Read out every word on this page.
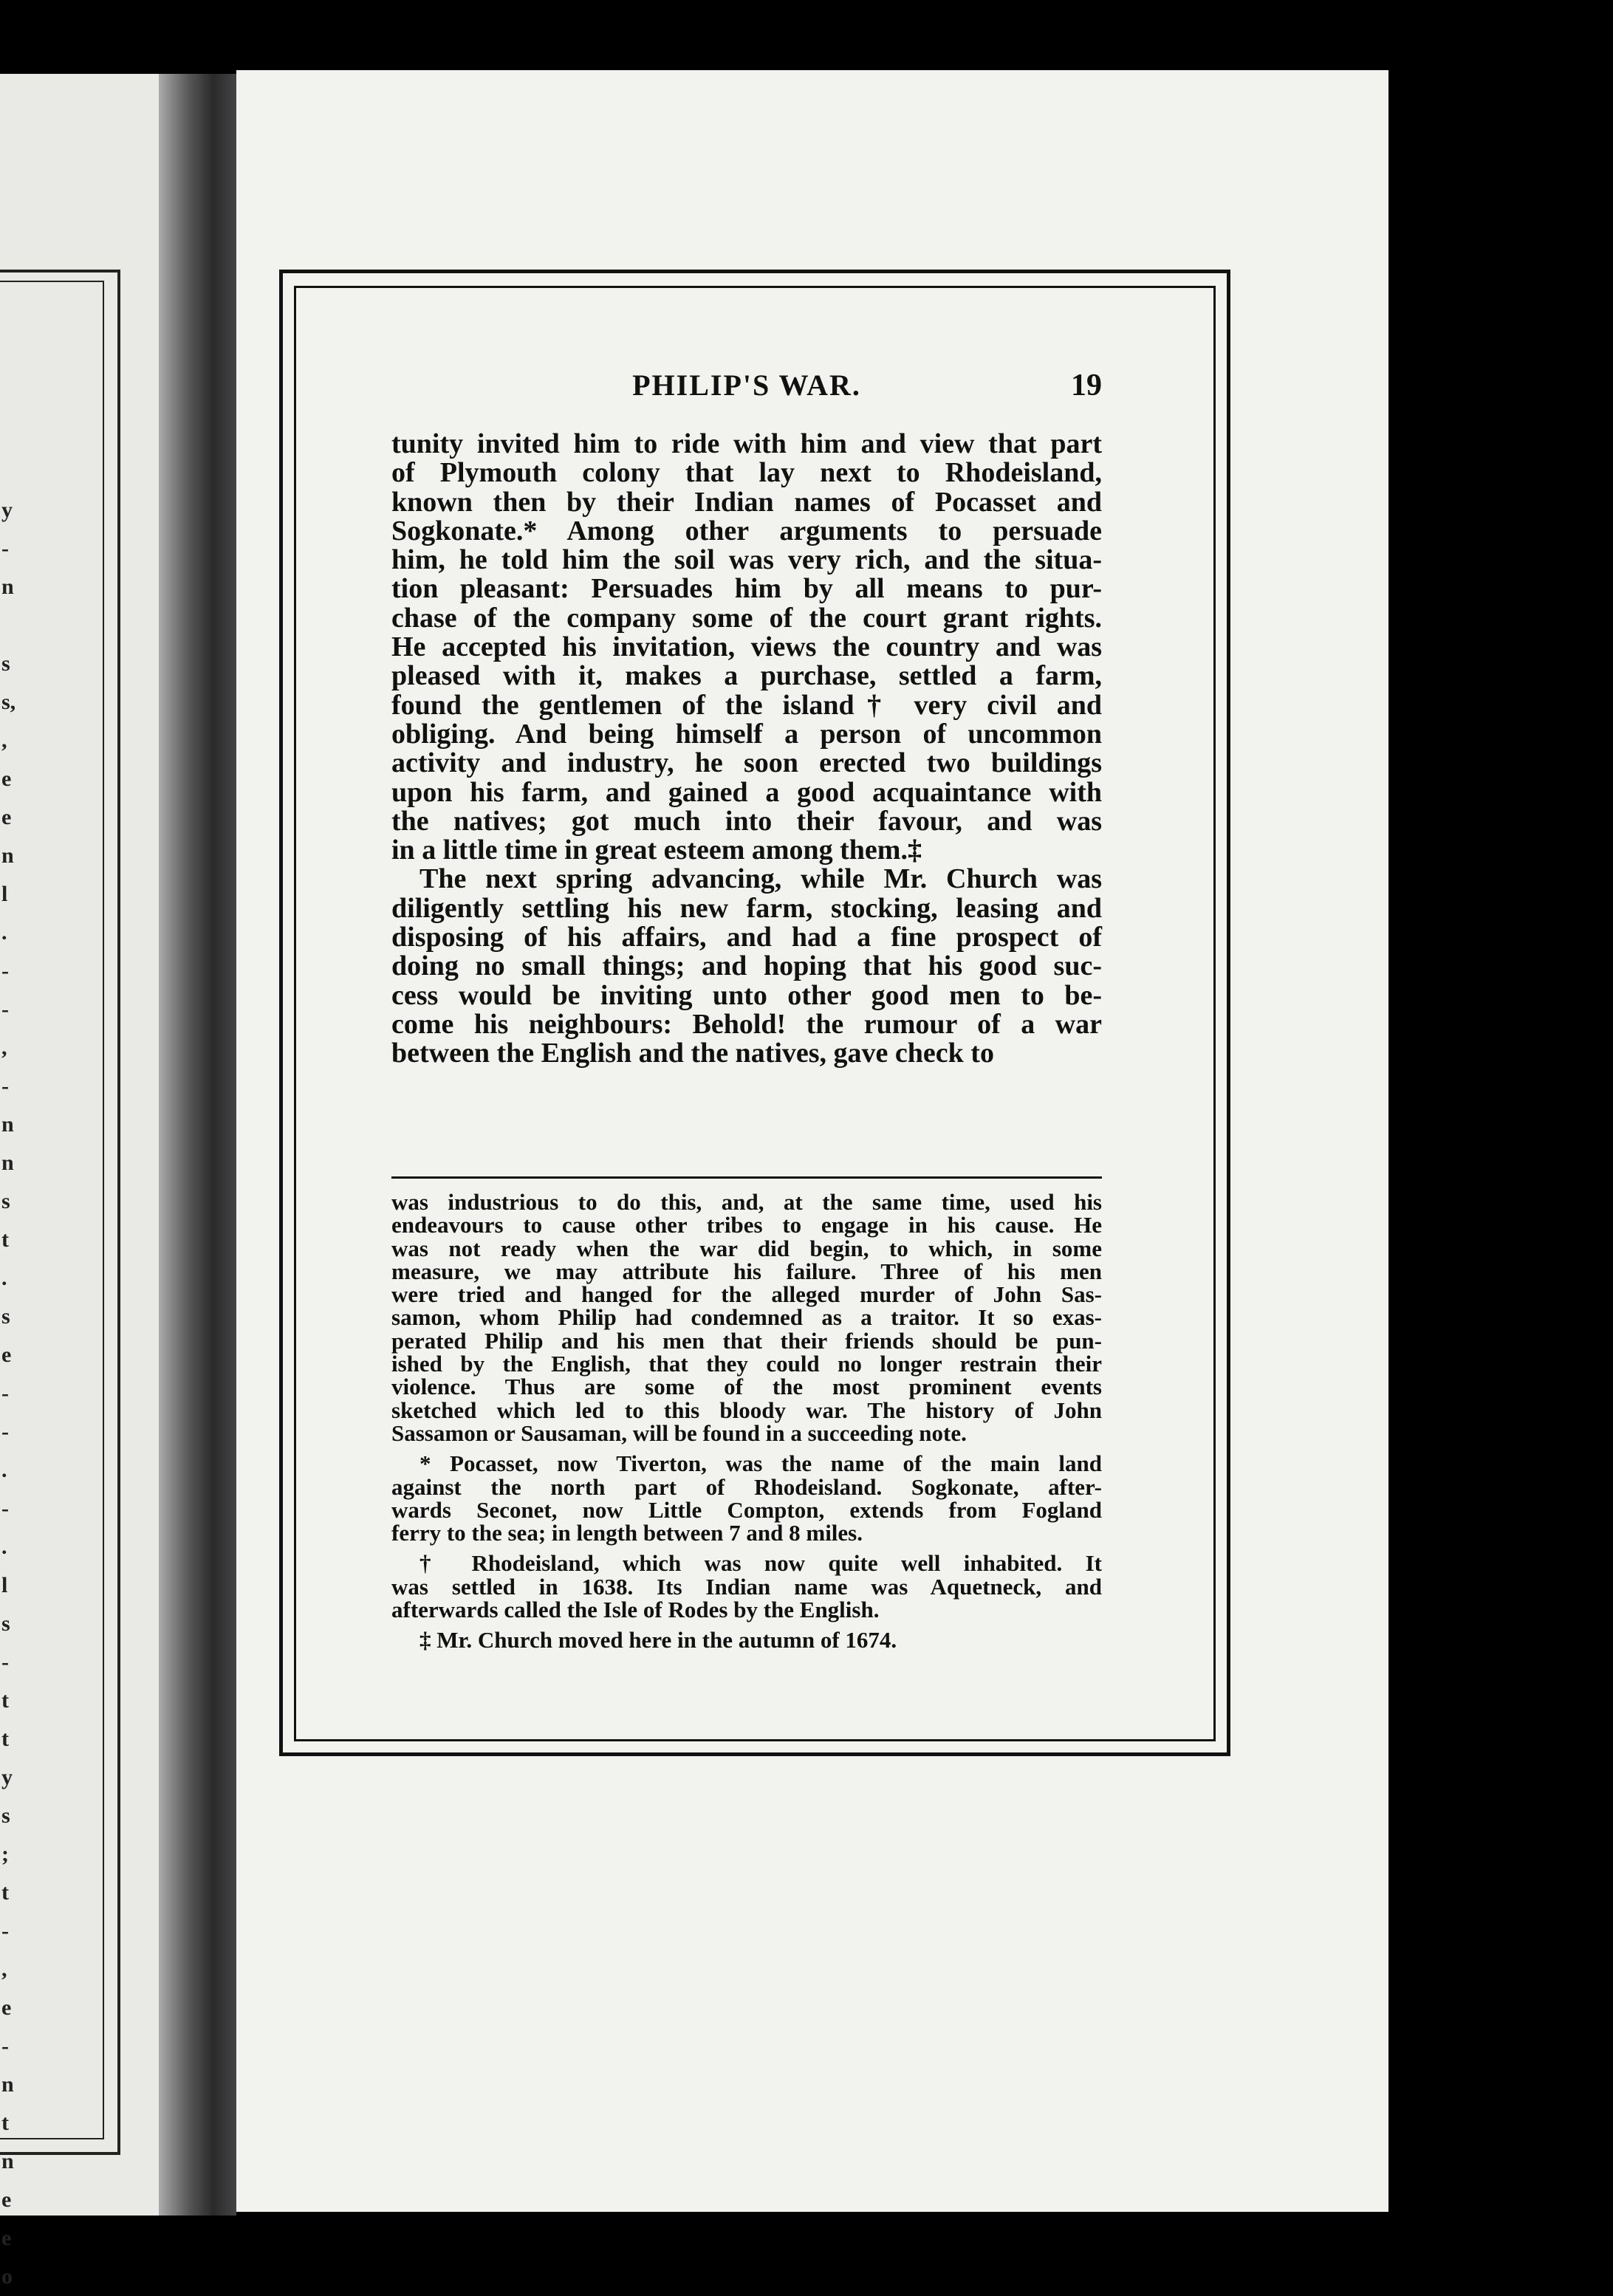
y
-
n
s
s,
,
e
e
n
l
.
-
-
,
-
n
n
s
t
.
s
e
-
-
.
-
.
l
s
-
t
t
y
s
;
t
-
,
e
-
n
t
n
e
e
o
PHILIP'S WAR.	19
tunity invited him to ride with him and view that part
of Plymouth colony that lay next to Rhodeisland,
known then by their Indian names of Pocasset and
Sogkonate.* Among other arguments to persuade
him, he told him the soil was very rich, and the situa-
tion pleasant: Persuades him by all means to pur-
chase of the company some of the court grant rights.
He accepted his invitation, views the country and was
pleased with it, makes a purchase, settled a farm,
found the gentlemen of the island† very civil and
obliging. And being himself a person of uncommon
activity and industry, he soon erected two buildings
upon his farm, and gained a good acquaintance with
the natives; got much into their favour, and was
in a little time in great esteem among them.‡
The next spring advancing, while Mr. Church was
diligently settling his new farm, stocking, leasing and
disposing of his affairs, and had a fine prospect of
doing no small things; and hoping that his good suc-
cess would be inviting unto other good men to be-
come his neighbours: Behold! the rumour of a war
between the English and the natives, gave check to
was industrious to do this, and, at the same time, used his
endeavours to cause other tribes to engage in his cause. He
was not ready when the war did begin, to which, in some
measure, we may attribute his failure. Three of his men
were tried and hanged for the alleged murder of John Sas-
samon, whom Philip had condemned as a traitor. It so exas-
perated Philip and his men that their friends should be pun-
ished by the English, that they could no longer restrain their
violence. Thus are some of the most prominent events
sketched which led to this bloody war. The history of John
Sassamon or Sausaman, will be found in a succeeding note.
* Pocasset, now Tiverton, was the name of the main land
against the north part of Rhodeisland. Sogkonate, after-
wards Seconet, now Little Compton, extends from Fogland
ferry to the sea; in length between 7 and 8 miles.
† Rhodeisland, which was now quite well inhabited. It
was settled in 1638. Its Indian name was Aquetneck, and
afterwards called the Isle of Rodes by the English.
‡ Mr. Church moved here in the autumn of 1674.
